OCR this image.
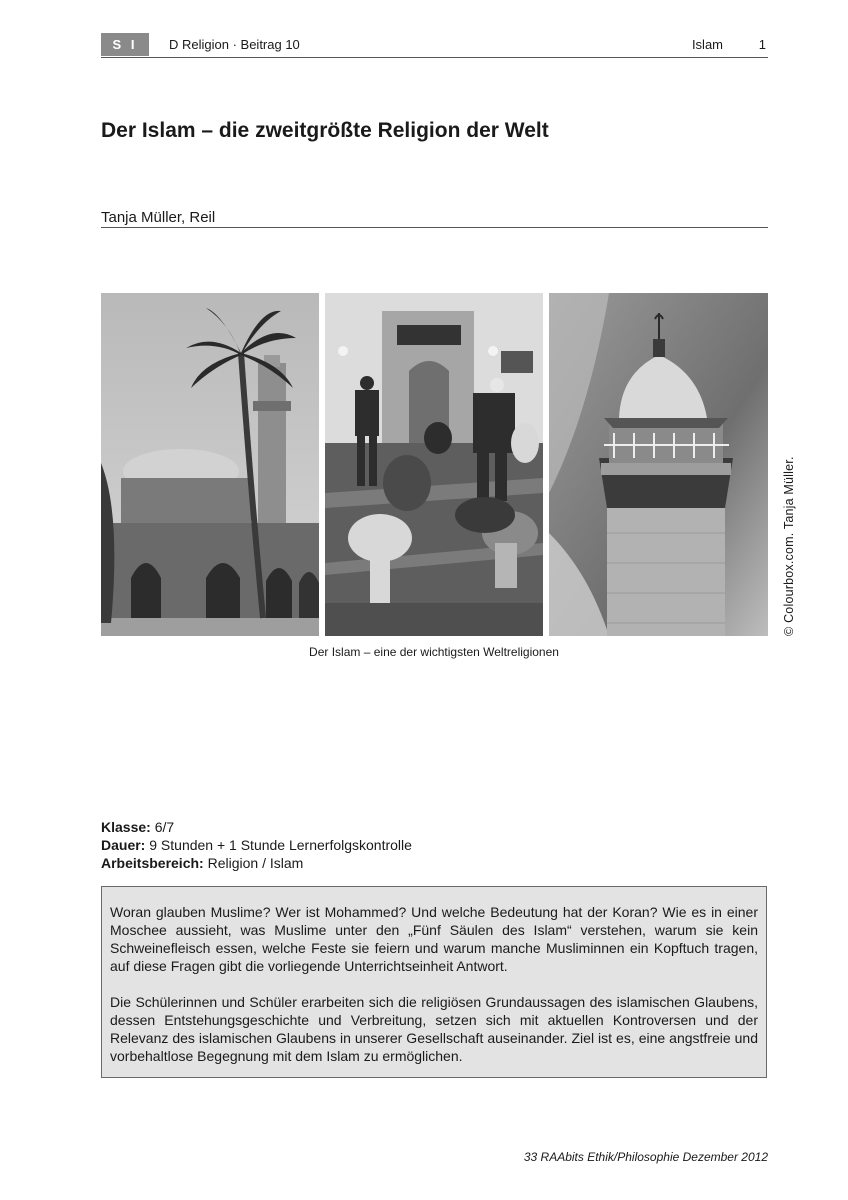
S I	D Religion · Beitrag 10	Islam	1
Der Islam – die zweitgrößte Religion der Welt
Tanja Müller, Reil
© Colourbox.com. Tanja Müller.
Der Islam – eine der wichtigsten Weltreligionen
Klasse: 6/7
Dauer: 9 Stunden + 1 Stunde Lernerfolgskontrolle
Arbeitsbereich: Religion / Islam

Woran glauben Muslime? Wer ist Mohammed? Und welche Bedeutung hat der Koran? Wie es in einer Moschee aussieht, was Muslime unter den „Fünf Säulen des Islam“ verstehen, warum sie kein Schweinefleisch essen, welche Feste sie feiern und warum manche Musliminnen ein Kopftuch tragen, auf diese Fragen gibt die vorliegende Unterrichtseinheit Antwort.

Die Schülerinnen und Schüler erarbeiten sich die religiösen Grundaussagen des islamischen Glaubens, dessen Entstehungsgeschichte und Verbreitung, setzen sich mit aktuellen Kontroversen und der Relevanz des islamischen Glaubens in unserer Gesellschaft auseinander. Ziel ist es, eine angstfreie und vorbehaltlose Begegnung mit dem Islam zu ermöglichen.

33 RAAbits Ethik/Philosophie Dezember 2012
